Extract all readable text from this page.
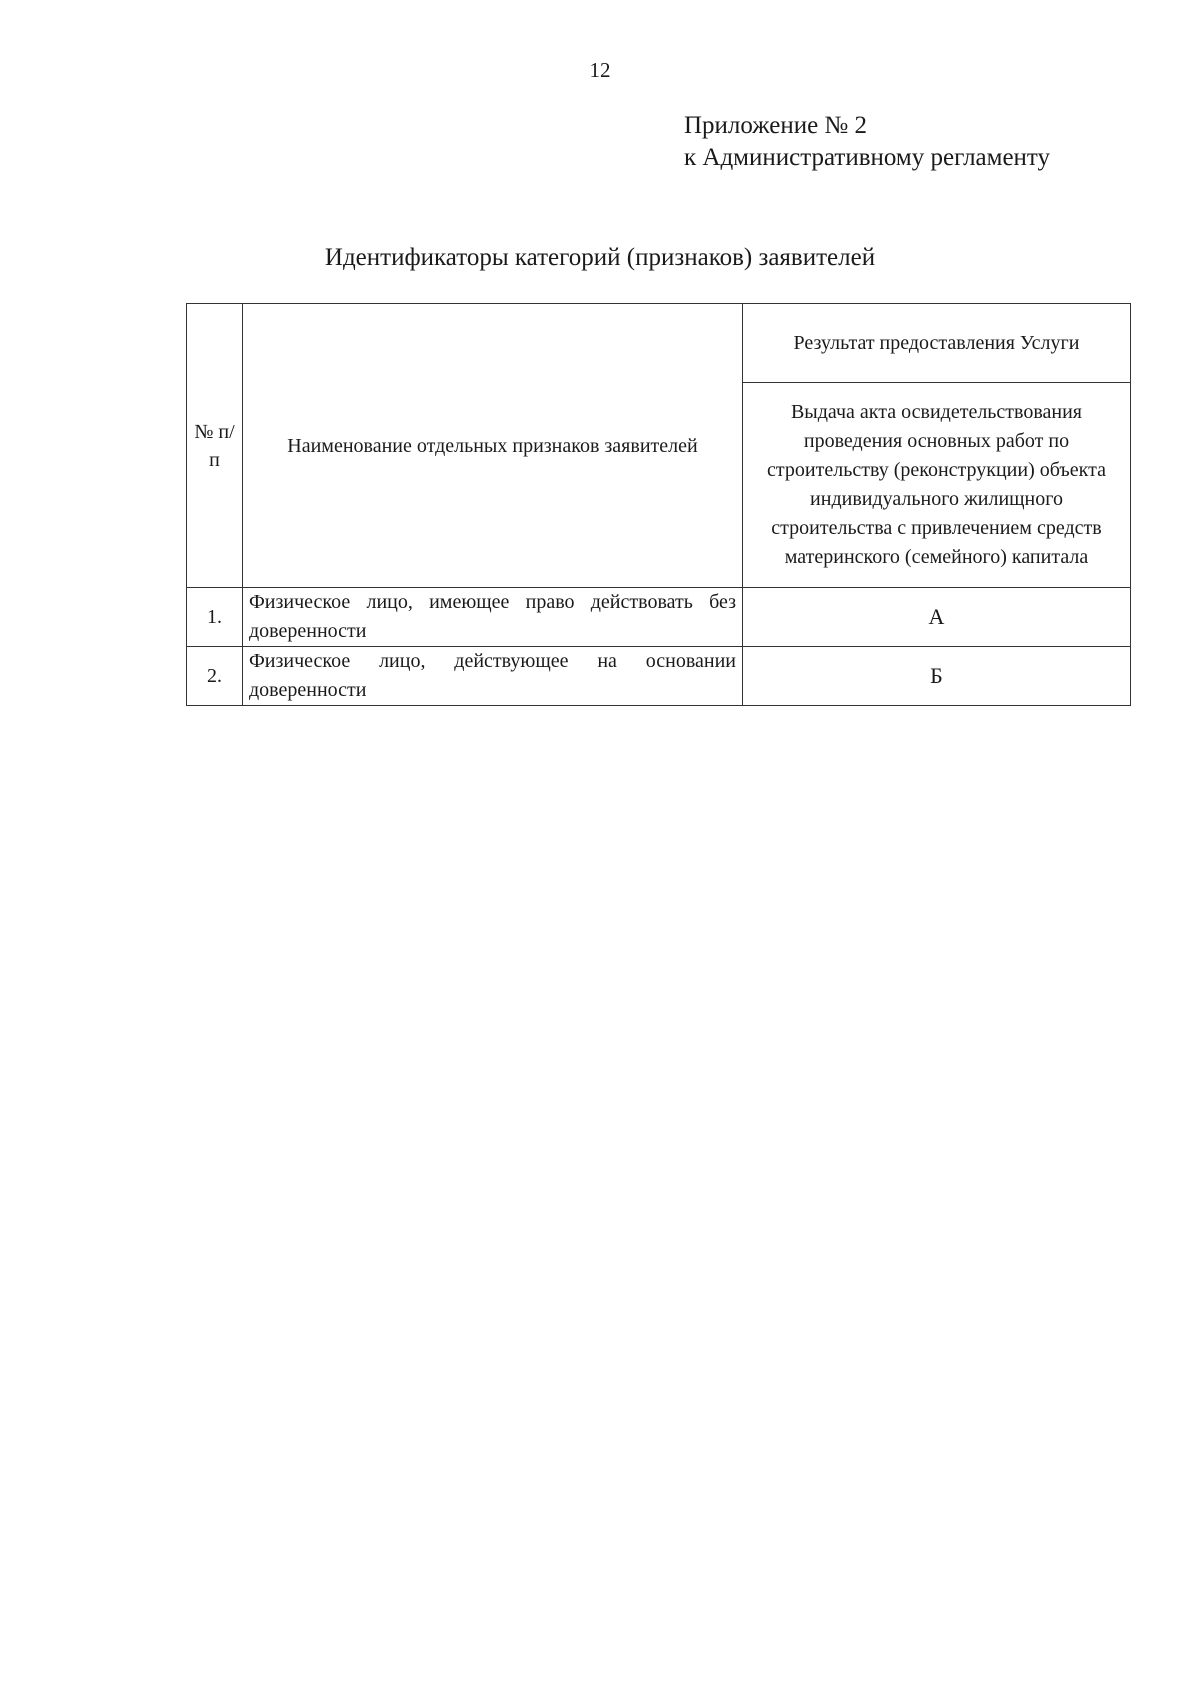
12
Приложение № 2
к Административному регламенту
Идентификаторы категорий (признаков) заявителей
№ п/п	Наименование отдельных признаков заявителей	Результат предоставления Услуги
		Выдача акта освидетельствования проведения основных работ по строительству (реконструкции) объекта индивидуального жилищного строительства с привлечением средств материнского (семейного) капитала
1.	Физическое лицо, имеющее право действовать без доверенности	А
2.	Физическое лицо, действующее на основании доверенности	Б
